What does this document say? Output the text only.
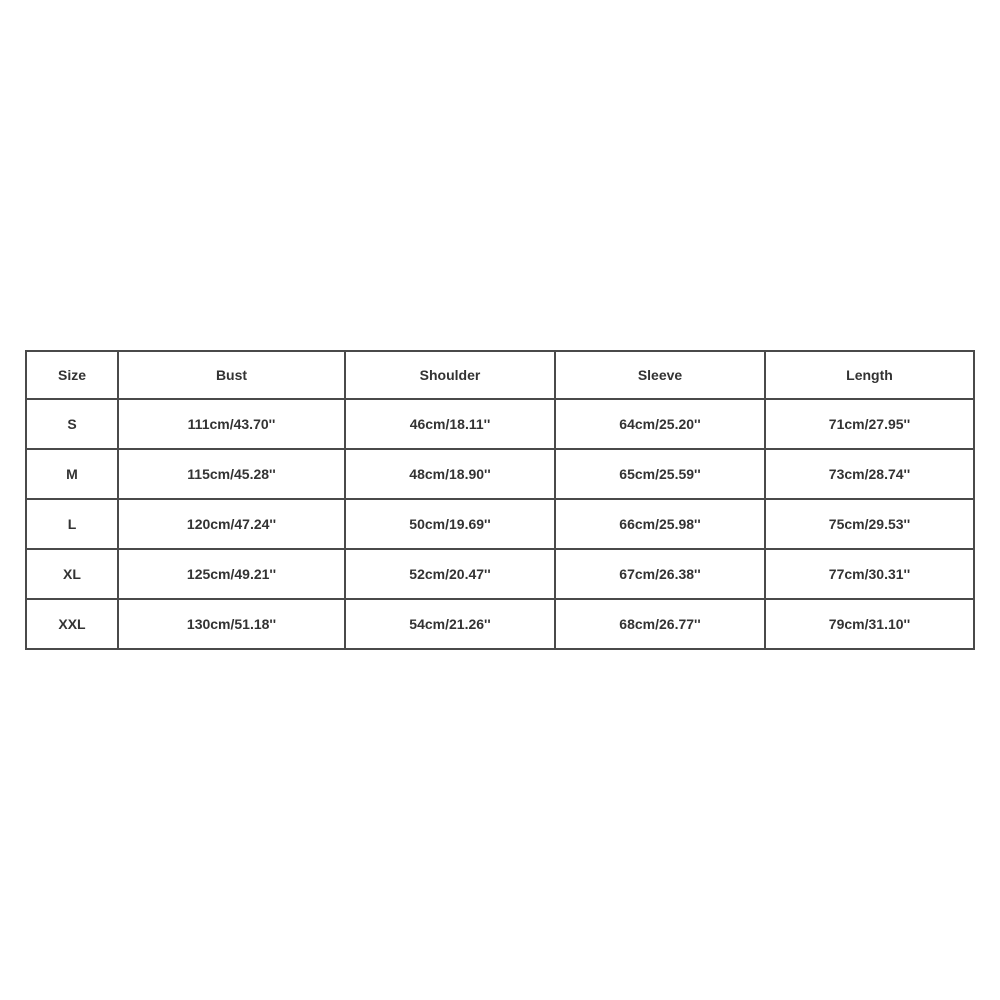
Size	Bust	Shoulder	Sleeve	Length
S	111cm/43.70''	46cm/18.11''	64cm/25.20''	71cm/27.95''
M	115cm/45.28''	48cm/18.90''	65cm/25.59''	73cm/28.74''
L	120cm/47.24''	50cm/19.69''	66cm/25.98''	75cm/29.53''
XL	125cm/49.21''	52cm/20.47''	67cm/26.38''	77cm/30.31''
XXL	130cm/51.18''	54cm/21.26''	68cm/26.77''	79cm/31.10''
